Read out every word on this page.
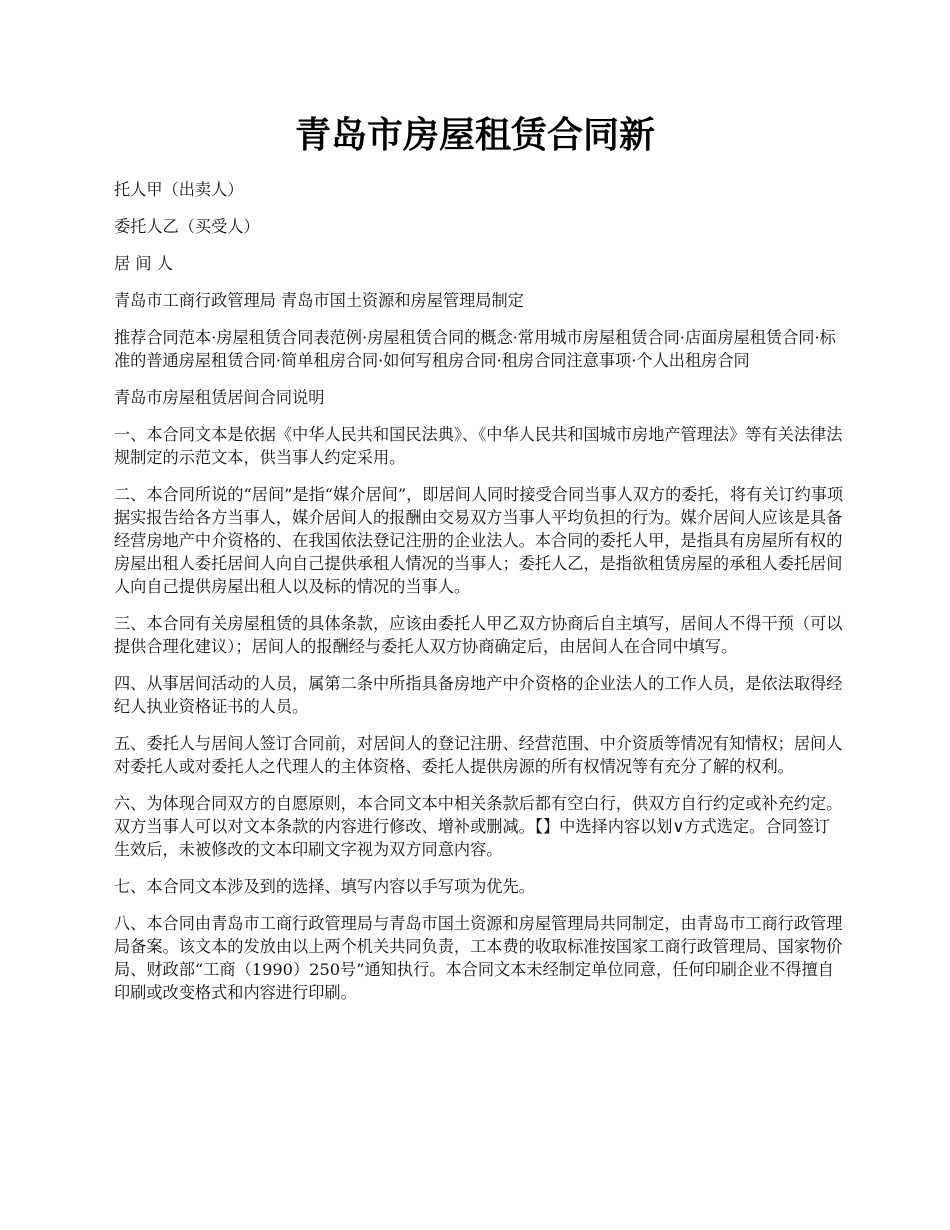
青岛市房屋租赁合同新

托人甲（出卖人）

委托人乙（买受人）

居 间 人

青岛市工商行政管理局 青岛市国土资源和房屋管理局制定

推荐合同范本·房屋租赁合同表范例·房屋租赁合同的概念·常用城市房屋租赁合同·店面房屋租赁合同·标准的普通房屋租赁合同·简单租房合同·如何写租房合同·租房合同注意事项·个人出租房合同

青岛市房屋租赁居间合同说明

一、本合同文本是依据《中华人民共和国民法典》、《中华人民共和国城市房地产管理法》等有关法律法规制定的示范文本，供当事人约定采用。

二、本合同所说的“居间”是指“媒介居间”，即居间人同时接受合同当事人双方的委托，将有关订约事项据实报告给各方当事人，媒介居间人的报酬由交易双方当事人平均负担的行为。媒介居间人应该是具备经营房地产中介资格的、在我国依法登记注册的企业法人。本合同的委托人甲，是指具有房屋所有权的房屋出租人委托居间人向自己提供承租人情况的当事人；委托人乙，是指欲租赁房屋的承租人委托居间人向自己提供房屋出租人以及标的情况的当事人。

三、本合同有关房屋租赁的具体条款，应该由委托人甲乙双方协商后自主填写，居间人不得干预（可以提供合理化建议）；居间人的报酬经与委托人双方协商确定后，由居间人在合同中填写。

四、从事居间活动的人员，属第二条中所指具备房地产中介资格的企业法人的工作人员，是依法取得经纪人执业资格证书的人员。

五、委托人与居间人签订合同前，对居间人的登记注册、经营范围、中介资质等情况有知情权；居间人对委托人或对委托人之代理人的主体资格、委托人提供房源的所有权情况等有充分了解的权利。

六、为体现合同双方的自愿原则，本合同文本中相关条款后都有空白行，供双方自行约定或补充约定。双方当事人可以对文本条款的内容进行修改、增补或删减。【】中选择内容以划∨方式选定。合同签订生效后，未被修改的文本印刷文字视为双方同意内容。

七、本合同文本涉及到的选择、填写内容以手写项为优先。

八、本合同由青岛市工商行政管理局与青岛市国土资源和房屋管理局共同制定，由青岛市工商行政管理局备案。该文本的发放由以上两个机关共同负责，工本费的收取标准按国家工商行政管理局、国家物价局、财政部“工商（1990）250号”通知执行。本合同文本未经制定单位同意，任何印刷企业不得擅自印刷或改变格式和内容进行印刷。
